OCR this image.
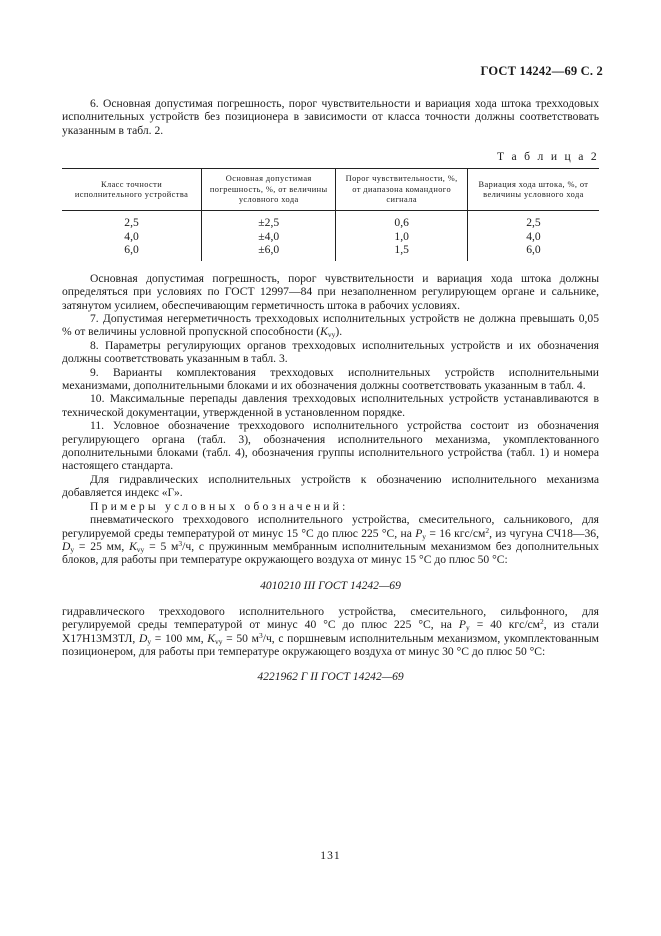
ГОСТ 14242—69 С. 2

6. Основная допустимая погрешность, порог чувствительности и вариация хода штока трехходовых исполнительных устройств без позиционера в зависимости от класса точности должны соответствовать указанным в табл. 2.

Т а б л и ц а 2
Класс точности исполнительного устройства	Основная допустимая погрешность, %, от величины условного хода	Порог чувствительности, %, от диапазона командного сигнала	Вариация хода штока, %, от величины условного хода
2,5	±2,5	0,6	2,5
4,0	±4,0	1,0	4,0
6,0	±6,0	1,5	6,0

Основная допустимая погрешность, порог чувствительности и вариация хода штока должны определяться при условиях по ГОСТ 12997—84 при незаполненном регулирующем органе и сальнике, затянутом усилием, обеспечивающим герметичность штока в рабочих условиях.

7. Допустимая негерметичность трехходовых исполнительных устройств не должна превышать 0,05 % от величины условной пропускной способности $(K_{vy})$.

8. Параметры регулирующих органов трехходовых исполнительных устройств и их обозначения должны соответствовать указанным в табл. 3.

9. Варианты комплектования трехходовых исполнительных устройств исполнительными механизмами, дополнительными блоками и их обозначения должны соответствовать указанным в табл. 4.

10. Максимальные перепады давления трехходовых исполнительных устройств устанавливаются в технической документации, утвержденной в установленном порядке.

11. Условное обозначение трехходового исполнительного устройства состоит из обозначения регулирующего органа (табл. 3), обозначения исполнительного механизма, укомплектованного дополнительными блоками (табл. 4), обозначения группы исполнительного устройства (табл. 1) и номера настоящего стандарта.

Для гидравлических исполнительных устройств к обозначению исполнительного механизма добавляется индекс «Г».

Примеры условных обозначений:

пневматического трехходового исполнительного устройства, смесительного, сальникового, для регулируемой среды температурой от минус 15 °С до плюс 225 °С, на $P_y = 16$ кгс/$см^2$, из чугуна СЧ18—36, $D_y = 25$ мм, $K_{vy} = 5$ $м^3/ч$, с пружинным мембранным исполнительным механизмом без дополнительных блоков, для работы при температуре окружающего воздуха от минус 15 °С до плюс 50 °С:

4010210 III ГОСТ 14242—69

гидравлического трехходового исполнительного устройства, смесительного, сильфонного, для регулируемой среды температурой от минус 40 °С до плюс 225 °С, на $P_y = 40$ кгс/$см^2$, из стали Х17Н13М3ТЛ, $D_y = 100$ мм, $K_{vy} = 50$ $м^3/ч$, с поршневым исполнительным механизмом, укомплектованным позиционером, для работы при температуре окружающего воздуха от минус 30 °С до плюс 50 °С:

4221962 Г II ГОСТ 14242—69
131
